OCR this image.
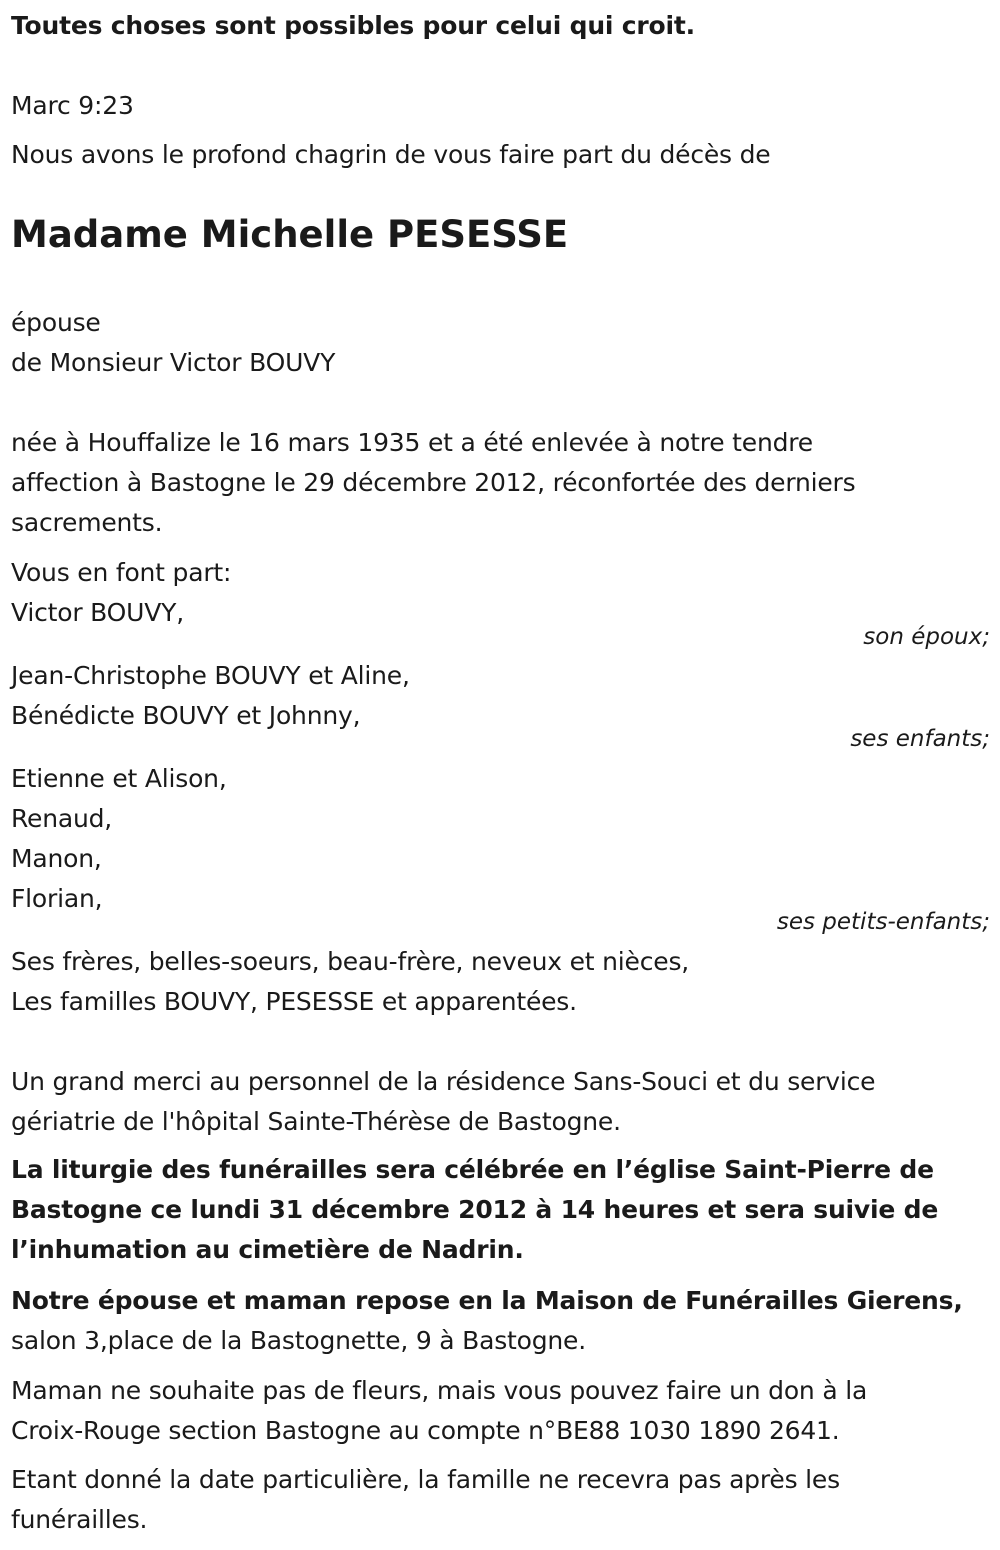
Toutes choses sont possibles pour celui qui croit.
Marc 9:23
Nous avons le profond chagrin de vous faire part du décès de
Madame Michelle PESESSE
épouse
de Monsieur Victor BOUVY
née à Houffalize le 16 mars 1935 et a été enlevée à notre tendre
affection à Bastogne le 29 décembre 2012, réconfortée des derniers
sacrements.
Vous en font part:
Victor BOUVY,
son époux;
Jean-Christophe BOUVY et Aline,
Bénédicte BOUVY et Johnny,
ses enfants;
Etienne et Alison,
Renaud,
Manon,
Florian,
ses petits-enfants;
Ses frères, belles-soeurs, beau-frère, neveux et nièces,
Les familles BOUVY, PESESSE et apparentées.
Un grand merci au personnel de la résidence Sans-Souci et du service
gériatrie de l'hôpital Sainte-Thérèse de Bastogne.
La liturgie des funérailles sera célébrée en l’église Saint-Pierre de
Bastogne ce lundi 31 décembre 2012 à 14 heures et sera suivie de
l’inhumation au cimetière de Nadrin.
Notre épouse et maman repose en la Maison de Funérailles Gierens,
salon 3,place de la Bastognette, 9 à Bastogne.
Maman ne souhaite pas de fleurs, mais vous pouvez faire un don à la
Croix-Rouge section Bastogne au compte n°BE88 1030 1890 2641.
Etant donné la date particulière, la famille ne recevra pas après les
funérailles.
